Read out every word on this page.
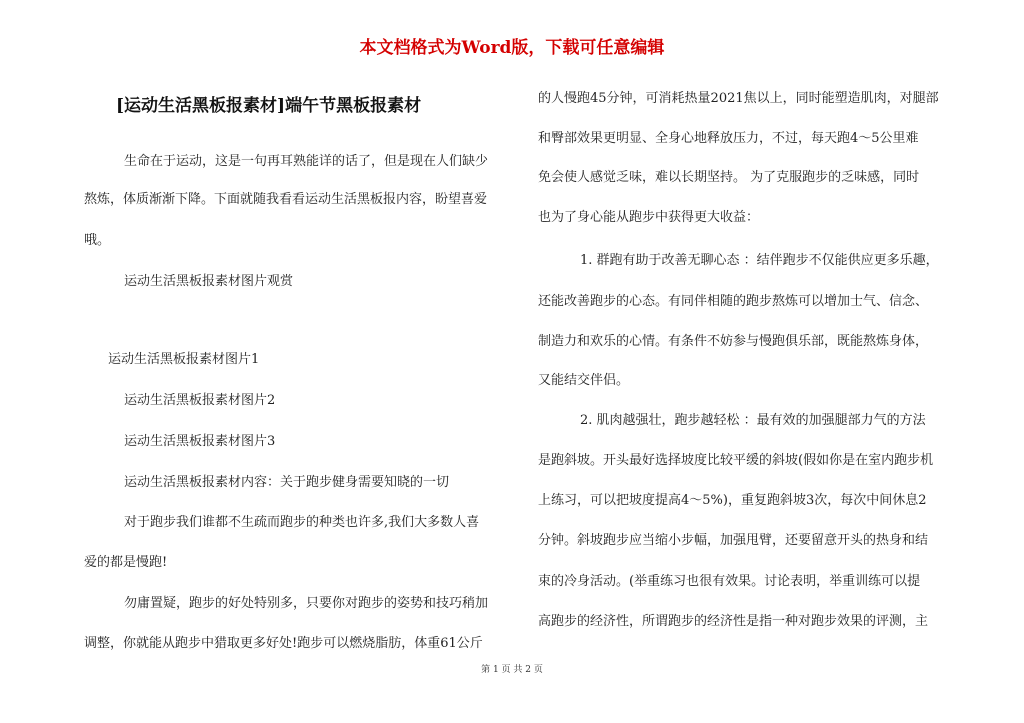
本文档格式为Word版，下载可任意编辑
[运动生活黑板报素材]端午节黑板报素材
生命在于运动，这是一句再耳熟能详的话了，但是现在人们缺少
熬炼，体质渐渐下降。下面就随我看看运动生活黑板报内容，盼望喜爱
哦。
运动生活黑板报素材图片观赏
运动生活黑板报素材图片1
运动生活黑板报素材图片2
运动生活黑板报素材图片3
运动生活黑板报素材内容：关于跑步健身需要知晓的一切
对于跑步我们谁都不生疏而跑步的种类也许多,我们大多数人喜
爱的都是慢跑!
勿庸置疑，跑步的好处特别多，只要你对跑步的姿势和技巧稍加
调整，你就能从跑步中猎取更多好处!跑步可以燃烧脂肪，体重61公斤
的人慢跑45分钟，可消耗热量2021焦以上，同时能塑造肌肉，对腿部
和臀部效果更明显、全身心地释放压力，不过，每天跑4～5公里难
免会使人感觉乏味，难以长期坚持。 为了克服跑步的乏味感，同时
也为了身心能从跑步中获得更大收益：
1. 群跑有助于改善无聊心态 ：结伴跑步不仅能供应更多乐趣，
还能改善跑步的心态。有同伴相随的跑步熬炼可以增加士气、信念、
制造力和欢乐的心情。有条件不妨参与慢跑俱乐部，既能熬炼身体，
又能结交伴侣。
2. 肌肉越强壮，跑步越轻松 ：最有效的加强腿部力气的方法
是跑斜坡。开头最好选择坡度比较平缓的斜坡(假如你是在室内跑步机
上练习，可以把坡度提高4～5%)，重复跑斜坡3次，每次中间休息2
分钟。斜坡跑步应当缩小步幅，加强甩臂，还要留意开头的热身和结
束的冷身活动。(举重练习也很有效果。讨论表明，举重训练可以提
高跑步的经济性，所谓跑步的经济性是指一种对跑步效果的评测，主
第 1 页 共 2 页
